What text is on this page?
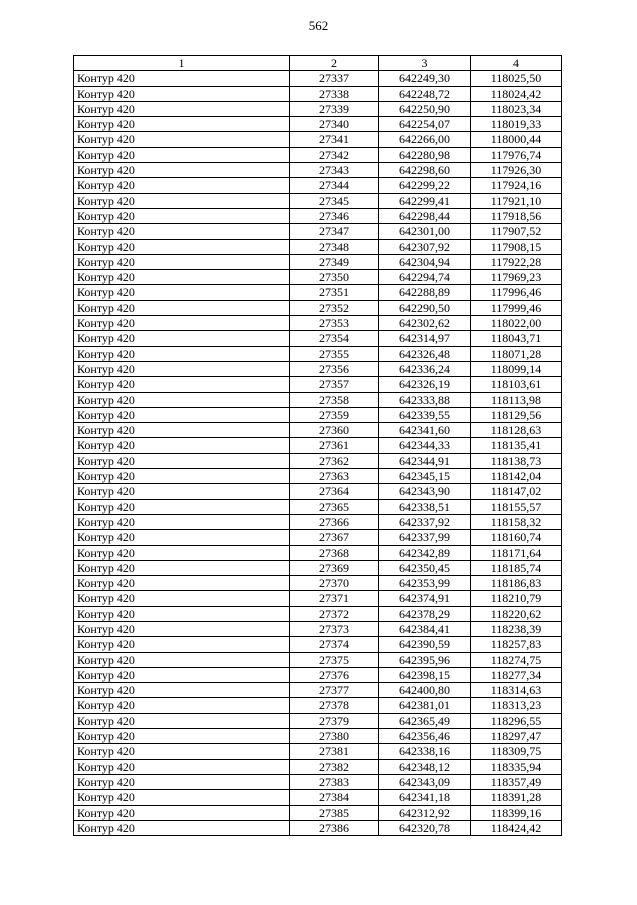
562
1	2	3	4
Контур 420	27337	642249,30	118025,50
Контур 420	27338	642248,72	118024,42
Контур 420	27339	642250,90	118023,34
Контур 420	27340	642254,07	118019,33
Контур 420	27341	642266,00	118000,44
Контур 420	27342	642280,98	117976,74
Контур 420	27343	642298,60	117926,30
Контур 420	27344	642299,22	117924,16
Контур 420	27345	642299,41	117921,10
Контур 420	27346	642298,44	117918,56
Контур 420	27347	642301,00	117907,52
Контур 420	27348	642307,92	117908,15
Контур 420	27349	642304,94	117922,28
Контур 420	27350	642294,74	117969,23
Контур 420	27351	642288,89	117996,46
Контур 420	27352	642290,50	117999,46
Контур 420	27353	642302,62	118022,00
Контур 420	27354	642314,97	118043,71
Контур 420	27355	642326,48	118071,28
Контур 420	27356	642336,24	118099,14
Контур 420	27357	642326,19	118103,61
Контур 420	27358	642333,88	118113,98
Контур 420	27359	642339,55	118129,56
Контур 420	27360	642341,60	118128,63
Контур 420	27361	642344,33	118135,41
Контур 420	27362	642344,91	118138,73
Контур 420	27363	642345,15	118142,04
Контур 420	27364	642343,90	118147,02
Контур 420	27365	642338,51	118155,57
Контур 420	27366	642337,92	118158,32
Контур 420	27367	642337,99	118160,74
Контур 420	27368	642342,89	118171,64
Контур 420	27369	642350,45	118185,74
Контур 420	27370	642353,99	118186,83
Контур 420	27371	642374,91	118210,79
Контур 420	27372	642378,29	118220,62
Контур 420	27373	642384,41	118238,39
Контур 420	27374	642390,59	118257,83
Контур 420	27375	642395,96	118274,75
Контур 420	27376	642398,15	118277,34
Контур 420	27377	642400,80	118314,63
Контур 420	27378	642381,01	118313,23
Контур 420	27379	642365,49	118296,55
Контур 420	27380	642356,46	118297,47
Контур 420	27381	642338,16	118309,75
Контур 420	27382	642348,12	118335,94
Контур 420	27383	642343,09	118357,49
Контур 420	27384	642341,18	118391,28
Контур 420	27385	642312,92	118399,16
Контур 420	27386	642320,78	118424,42
